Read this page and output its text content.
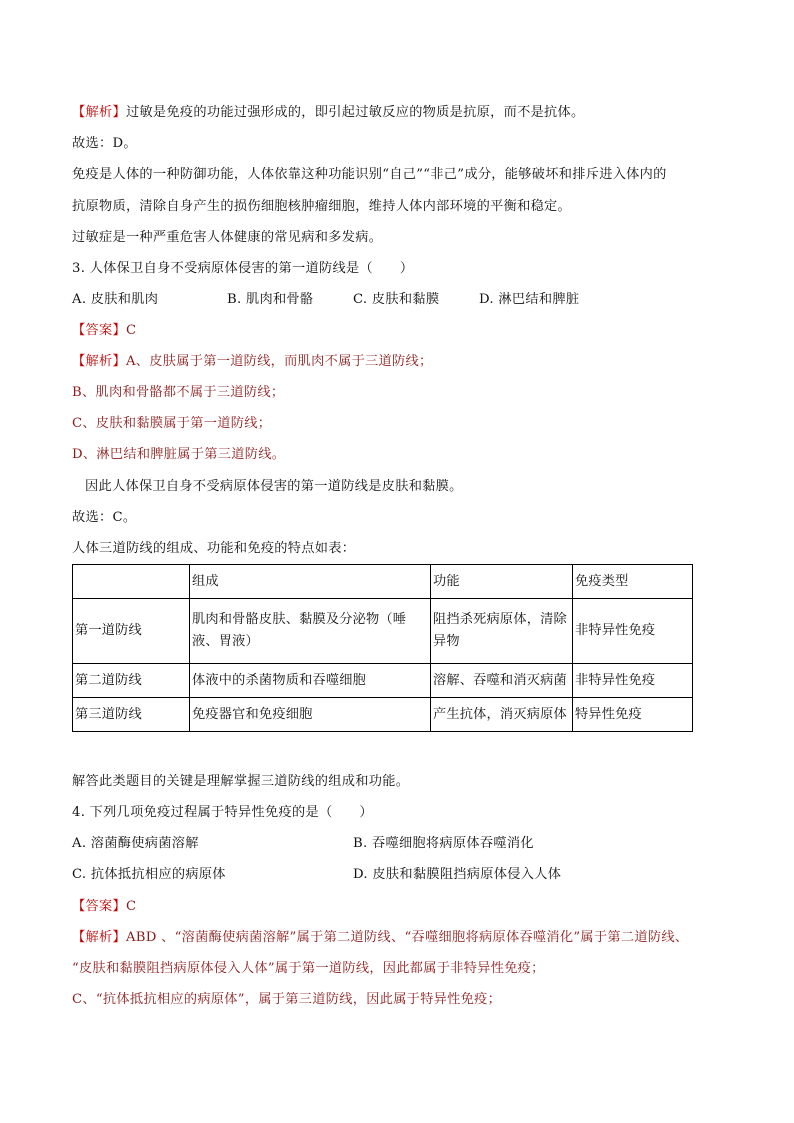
【解析】过敏是免疫的功能过强形成的，即引起过敏反应的物质是抗原，而不是抗体。
故选：D。
免疫是人体的一种防御功能，人体依靠这种功能识别“自己”“非己”成分，能够破坏和排斥进入体内的
抗原物质，清除自身产生的损伤细胞核肿瘤细胞，维持人体内部环境的平衡和稳定。
过敏症是一种严重危害人体健康的常见病和多发病。
3. 人体保卫自身不受病原体侵害的第一道防线是（　　）
A. 皮肤和肌肉	B. 肌肉和骨骼	C. 皮肤和黏膜	D. 淋巴结和脾脏
【答案】C
【解析】A、皮肤属于第一道防线，而肌肉不属于三道防线；
B、肌肉和骨骼都不属于三道防线；
C、皮肤和黏膜属于第一道防线；
D、淋巴结和脾脏属于第三道防线。
因此人体保卫自身不受病原体侵害的第一道防线是皮肤和黏膜。
故选：C。
人体三道防线的组成、功能和免疫的特点如表：
	组成	功能	免疫类型
第一道防线	肌肉和骨骼皮肤、黏膜及分泌物（唾液、胃液）	阻挡杀死病原体，清除异物	非特异性免疫
第二道防线	体液中的杀菌物质和吞噬细胞	溶解、吞噬和消灭病菌	非特异性免疫
第三道防线	免疫器官和免疫细胞	产生抗体，消灭病原体	特异性免疫
解答此类题目的关键是理解掌握三道防线的组成和功能。
4. 下列几项免疫过程属于特异性免疫的是（　　）
A. 溶菌酶使病菌溶解	B. 吞噬细胞将病原体吞噬消化
C. 抗体抵抗相应的病原体	D. 皮肤和黏膜阻挡病原体侵入人体
【答案】C
【解析】ABD 、“溶菌酶使病菌溶解”属于第二道防线、“吞噬细胞将病原体吞噬消化”属于第二道防线、
“皮肤和黏膜阻挡病原体侵入人体”属于第一道防线，因此都属于非特异性免疫；
C、“抗体抵抗相应的病原体”，属于第三道防线，因此属于特异性免疫；
